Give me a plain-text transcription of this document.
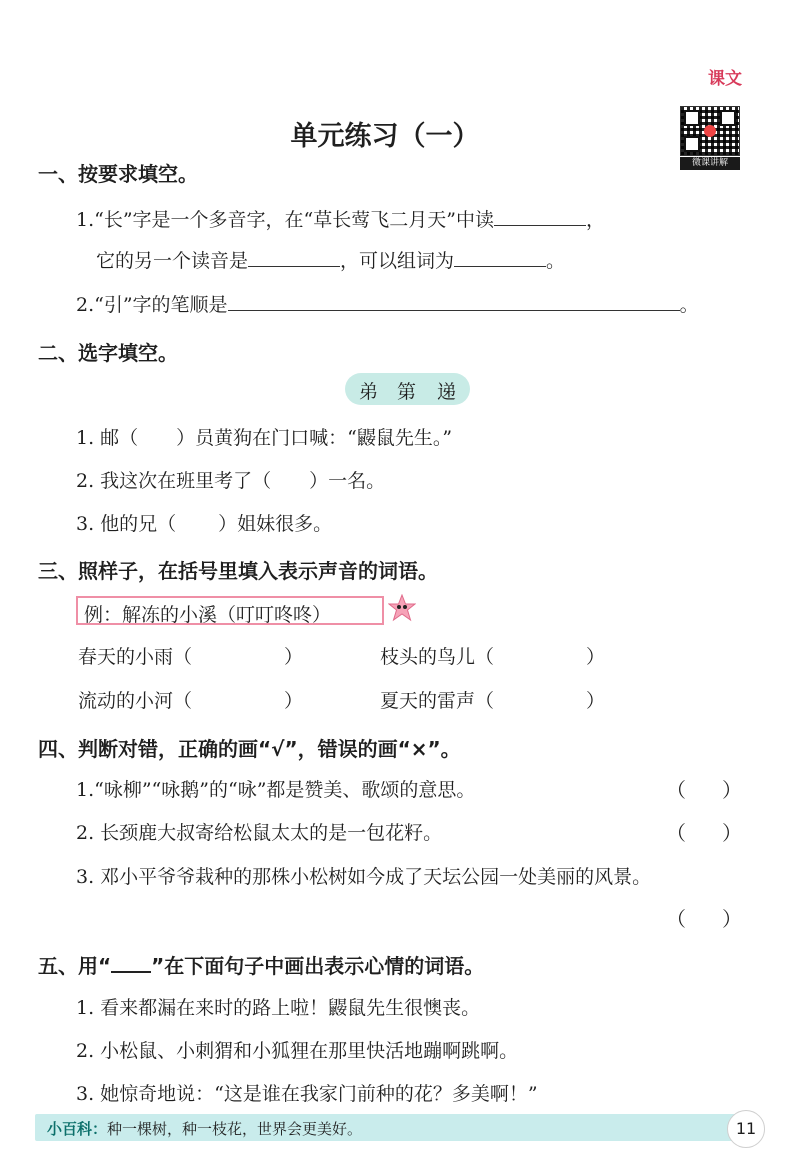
课文
微课讲解
单元练习（一）
一、按要求填空。
1.“长”字是一个多音字，在“草长莺飞二月天”中读	，
它的另一个读音是	，可以组词为	。
2.“引”字的笔顺是	。
二、选字填空。
弟 第 递
1. 邮（ ）员黄狗在门口喊：“鼹鼠先生。”
2. 我这次在班里考了（ ）一名。
3. 他的兄（ ）姐妹很多。
三、照样子，在括号里填入表示声音的词语。
例：解冻的小溪（叮叮咚咚）
春天的小雨（	）	枝头的鸟儿（	）
流动的小河（	）	夏天的雷声（	）
四、判断对错，正确的画“√”，错误的画“×”。
1.“咏柳”“咏鹅”的“咏”都是赞美、歌颂的意思。	（ ）
2. 长颈鹿大叔寄给松鼠太太的是一包花籽。	（ ）
3. 邓小平爷爷栽种的那株小松树如今成了天坛公园一处美丽的风景。
（ ）
五、用“ ”在下面句子中画出表示心情的词语。
1. 看来都漏在来时的路上啦！鼹鼠先生很懊丧。
2. 小松鼠、小刺猬和小狐狸在那里快活地蹦啊跳啊。
3. 她惊奇地说：“这是谁在我家门前种的花？多美啊！”
小百科：种一棵树，种一枝花，世界会更美好。	11
